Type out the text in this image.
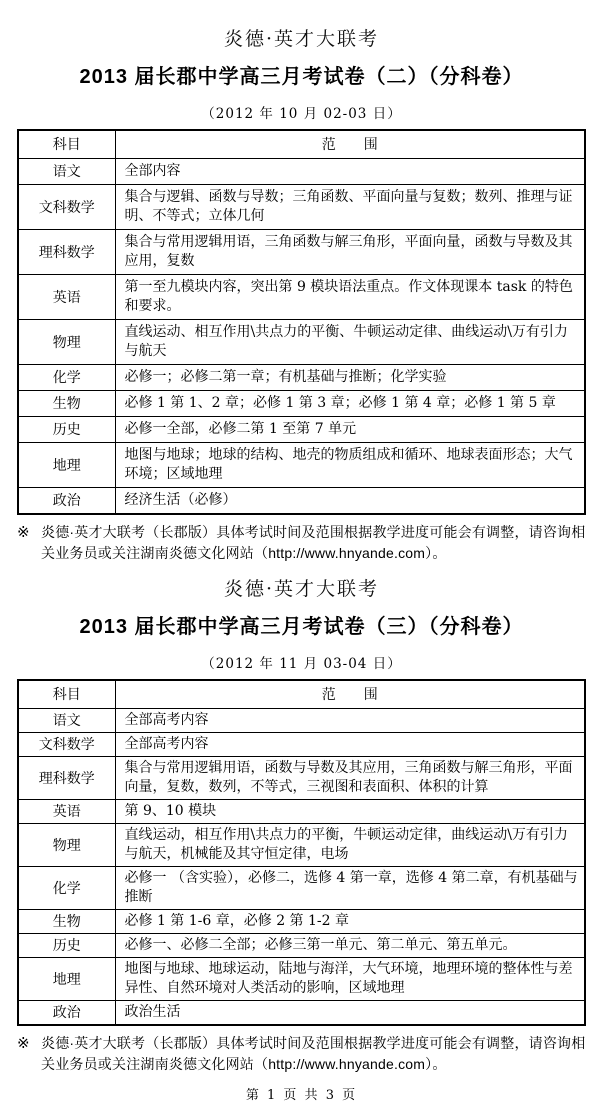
炎德·英才大联考
2013 届长郡中学高三月考试卷（二）（分科卷）
（2012 年 10 月 02-03 日）
科目	范　　围
语文	全部内容
文科数学	集合与逻辑、函数与导数；三角函数、平面向量与复数；数列、推理与证明、不等式；立体几何
理科数学	集合与常用逻辑用语，三角函数与解三角形，平面向量，函数与导数及其应用，复数
英语	第一至九模块内容，突出第 9 模块语法重点。作文体现课本 task 的特色和要求。
物理	直线运动、相互作用\共点力的平衡、牛顿运动定律、曲线运动\万有引力与航天
化学	必修一；必修二第一章；有机基础与推断；化学实验
生物	必修 1 第 1、2 章；必修 1 第 3 章；必修 1 第 4 章；必修 1 第 5 章
历史	必修一全部，必修二第 1 至第 7 单元
地理	地图与地球；地球的结构、地壳的物质组成和循环、地球表面形态；大气环境；区域地理
政治	经济生活（必修）
※ 炎德·英才大联考（长郡版）具体考试时间及范围根据教学进度可能会有调整，请咨询相关业务员或关注湖南炎德文化网站（http://www.hnyande.com）。
炎德·英才大联考
2013 届长郡中学高三月考试卷（三）（分科卷）
（2012 年 11 月 03-04 日）
科目	范　　围
语文	全部高考内容
文科数学	全部高考内容
理科数学	集合与常用逻辑用语，函数与导数及其应用，三角函数与解三角形，平面向量，复数，数列，不等式，三视图和表面积、体积的计算
英语	第 9、10 模块
物理	直线运动，相互作用\共点力的平衡，牛顿运动定律，曲线运动\万有引力与航天，机械能及其守恒定律，电场
化学	必修一 （含实验），必修二，选修 4 第一章，选修 4 第二章，有机基础与推断
生物	必修 1 第 1-6 章，必修 2 第 1-2 章
历史	必修一、必修二全部；必修三第一单元、第二单元、第五单元。
地理	地图与地球、地球运动，陆地与海洋，大气环境，地理环境的整体性与差异性、自然环境对人类活动的影响，区域地理
政治	政治生活
※ 炎德·英才大联考（长郡版）具体考试时间及范围根据教学进度可能会有调整，请咨询相关业务员或关注湖南炎德文化网站（http://www.hnyande.com）。
第 1 页 共 3 页
